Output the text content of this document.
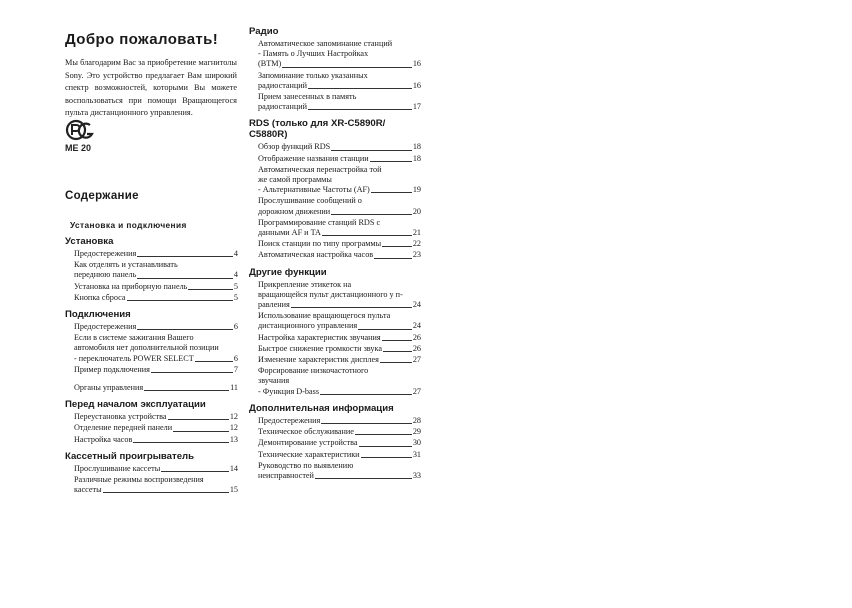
Добро пожаловать!
Мы благодарим Вас за приобретение магнитолы Sony. Это устройство предлагает Вам широкий спектр возможностей, которыми Вы можете воспользоваться при помощи Вращающегося пульта дистанционного управления.
ME 20
Содержание
Установка и подключения
Установка
Предостережения	4
Как отделять и устанавливать
переднюю панель	4
Установка на приборную панель	5
Кнопка сброса	5
Подключения
Предостережения	6
Если в системе зажигания Вашего
автомобиля нет дополнительной позиции
- переключатель POWER SELECT	6
Пример подключения	7
Органы управления	11
Перед началом эксплуатации
Переустановка устройства	12
Отделение передней панели	12
Настройка часов	13
Кассетный проигрыватель
Прослушивание кассеты	14
Различные режимы воспроизведения
кассеты	15
Радио
Автоматическое запоминание станций
- Память о Лучших Настройках
(BTM)	16
Запоминание только указанных
радиостанций	16
Прием занесенных в память
радиостанций	17
RDS (только для XR-C5890R/ C5880R)
Обзор функций RDS	18
Отображение названия станции	18
Автоматическая перенастройка той
же самой программы
- Альтернативные Частоты (AF)	19
Прослушивание сообщений о
дорожном движении	20
Программирование станций RDS с
данными AF и TA	21
Поиск станции по типу программы	22
Автоматическая настройка часов	23
Другие функции
Прикрепление этикеток на
вращающейся пульт дистанционного у п-
равления	24
Использование вращающегося пульта
дистанционного управления	24
Настройка характеристик звучания	26
Быстрое снижение громкости звука	26
Изменение характеристик дисплея	27
Форсирование низкочастотного
звучания
- Функция D-bass	27
Дополнительная информация
Предостережения	28
Техническое обслуживание	29
Демонтирование устройства	30
Технические характеристики	31
Руководство по выявлению
неисправностей	33
